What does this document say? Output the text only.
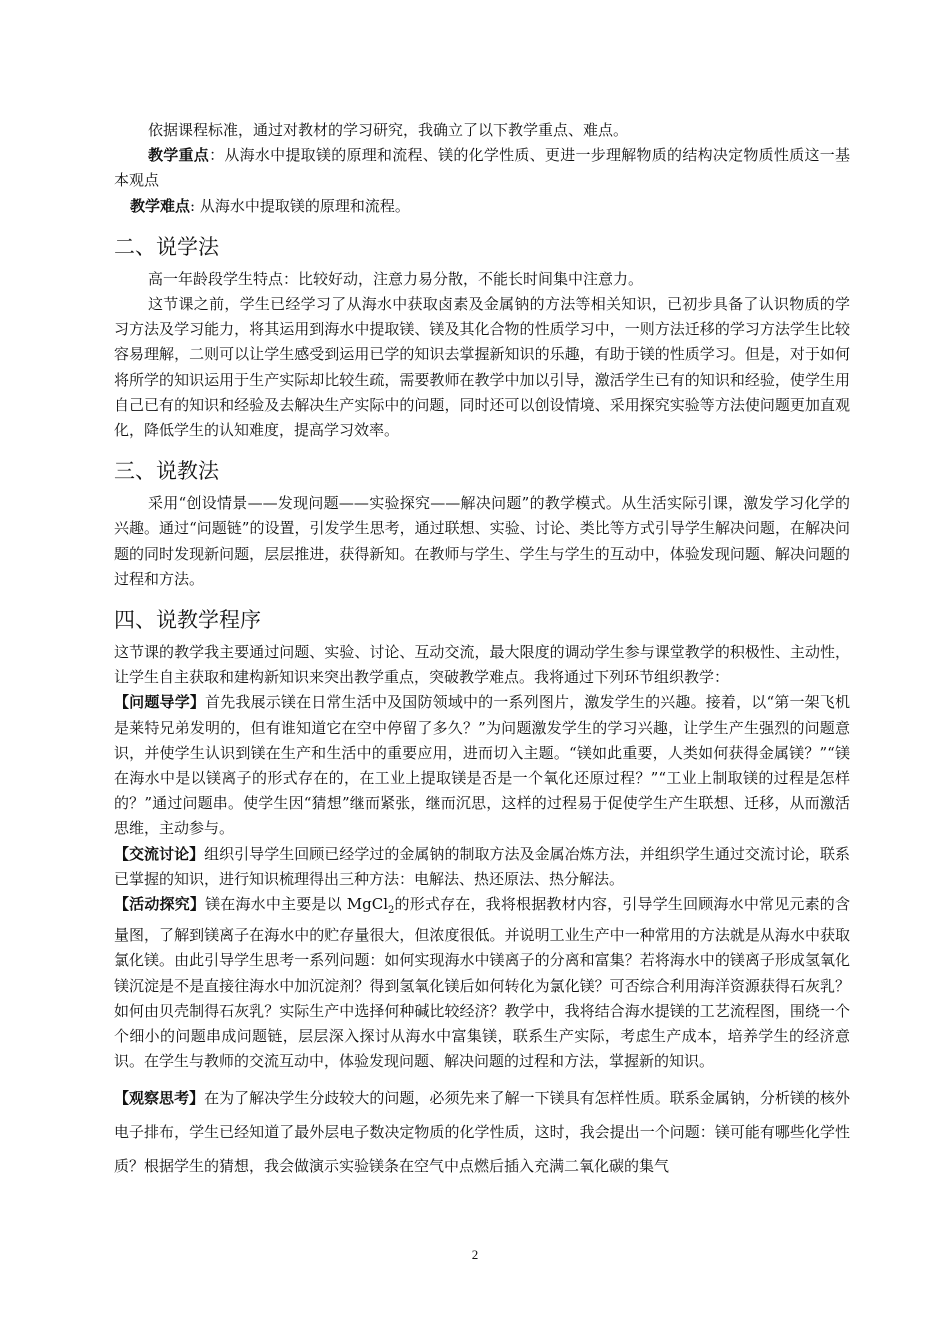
依据课程标准，通过对教材的学习研究，我确立了以下教学重点、难点。

教学重点：从海水中提取镁的原理和流程、镁的化学性质、更进一步理解物质的结构决定物质性质这一基本观点

教学难点: 从海水中提取镁的原理和流程。

二、说学法

高一年龄段学生特点：比较好动，注意力易分散，不能长时间集中注意力。

这节课之前，学生已经学习了从海水中获取卤素及金属钠的方法等相关知识，已初步具备了认识物质的学习方法及学习能力，将其运用到海水中提取镁、镁及其化合物的性质学习中，一则方法迁移的学习方法学生比较容易理解，二则可以让学生感受到运用已学的知识去掌握新知识的乐趣，有助于镁的性质学习。但是，对于如何将所学的知识运用于生产实际却比较生疏，需要教师在教学中加以引导，激活学生已有的知识和经验，使学生用自己已有的知识和经验及去解决生产实际中的问题，同时还可以创设情境、采用探究实验等方法使问题更加直观化，降低学生的认知难度，提高学习效率。

三、说教法

采用“创设情景——发现问题——实验探究——解决问题”的教学模式。从生活实际引课，激发学习化学的兴趣。通过“问题链”的设置，引发学生思考，通过联想、实验、讨论、类比等方式引导学生解决问题，在解决问题的同时发现新问题，层层推进，获得新知。在教师与学生、学生与学生的互动中，体验发现问题、解决问题的过程和方法。

四、说教学程序

这节课的教学我主要通过问题、实验、讨论、互动交流，最大限度的调动学生参与课堂教学的积极性、主动性，让学生自主获取和建构新知识来突出教学重点，突破教学难点。我将通过下列环节组织教学：

【问题导学】首先我展示镁在日常生活中及国防领域中的一系列图片，激发学生的兴趣。接着，以“第一架飞机是莱特兄弟发明的，但有谁知道它在空中停留了多久？”为问题激发学生的学习兴趣，让学生产生强烈的问题意识，并使学生认识到镁在生产和生活中的重要应用，进而切入主题。“镁如此重要，人类如何获得金属镁？”“镁在海水中是以镁离子的形式存在的，在工业上提取镁是否是一个氧化还原过程？”“工业上制取镁的过程是怎样的？”通过问题串。使学生因“猜想”继而紧张，继而沉思，这样的过程易于促使学生产生联想、迁移，从而激活思维，主动参与。

【交流讨论】组织引导学生回顾已经学过的金属钠的制取方法及金属冶炼方法，并组织学生通过交流讨论，联系已掌握的知识，进行知识梳理得出三种方法：电解法、热还原法、热分解法。

【活动探究】镁在海水中主要是以 MgCl$_2$的形式存在，我将根据教材内容，引导学生回顾海水中常见元素的含量图，了解到镁离子在海水中的贮存量很大，但浓度很低。并说明工业生产中一种常用的方法就是从海水中获取氯化镁。由此引导学生思考一系列问题：如何实现海水中镁离子的分离和富集？若将海水中的镁离子形成氢氧化镁沉淀是不是直接往海水中加沉淀剂？得到氢氧化镁后如何转化为氯化镁？可否综合利用海洋资源获得石灰乳？如何由贝壳制得石灰乳？实际生产中选择何种碱比较经济？教学中，我将结合海水提镁的工艺流程图，围绕一个个细小的问题串成问题链，层层深入探讨从海水中富集镁，联系生产实际，考虑生产成本，培养学生的经济意识。在学生与教师的交流互动中，体验发现问题、解决问题的过程和方法，掌握新的知识。

【观察思考】在为了解决学生分歧较大的问题，必须先来了解一下镁具有怎样性质。联系金属钠，分析镁的核外电子排布，学生已经知道了最外层电子数决定物质的化学性质，这时，我会提出一个问题：镁可能有哪些化学性质？根据学生的猜想，我会做演示实验镁条在空气中点燃后插入充满二氧化碳的集气

2
